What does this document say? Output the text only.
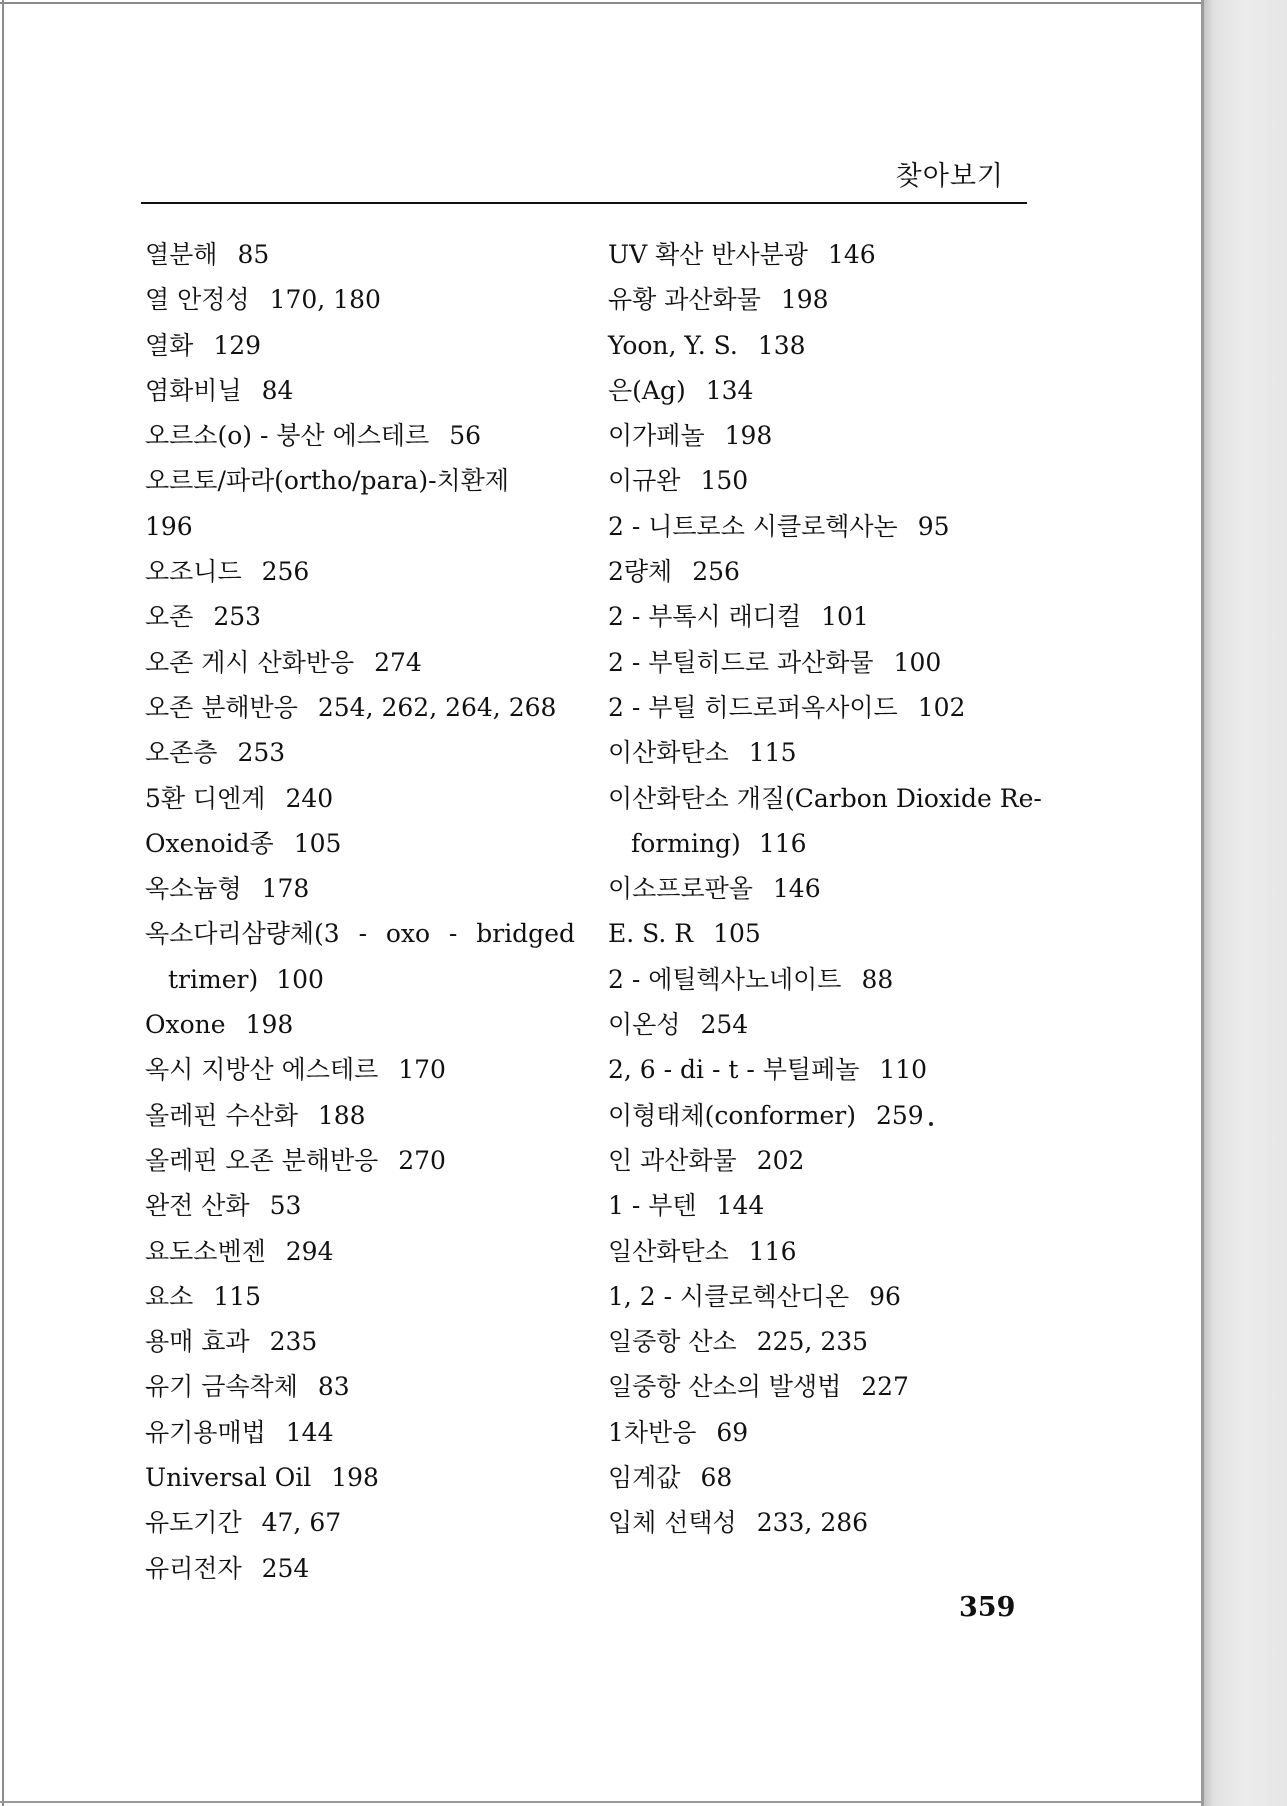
찾아보기
열분해 85
열 안정성 170, 180
열화 129
염화비닐 84
오르소(o) - 붕산 에스테르 56
오르토/파라(ortho/para)-치환제
196
오조니드 256
오존 253
오존 게시 산화반응 274
오존 분해반응 254, 262, 264, 268
오존층 253
5환 디엔계 240
Oxenoid종 105
옥소늄형 178
옥소다리삼량체(3 - oxo - bridged
trimer) 100
Oxone 198
옥시 지방산 에스테르 170
올레핀 수산화 188
올레핀 오존 분해반응 270
완전 산화 53
요도소벤젠 294
요소 115
용매 효과 235
유기 금속착체 83
유기용매법 144
Universal Oil 198
유도기간 47, 67
유리전자 254
UV 확산 반사분광 146
유황 과산화물 198
Yoon, Y. S. 138
은(Ag) 134
이가페놀 198
이규완 150
2 - 니트로소 시클로헥사논 95
2량체 256
2 - 부톡시 래디컬 101
2 - 부틸히드로 과산화물 100
2 - 부틸 히드로퍼옥사이드 102
이산화탄소 115
이산화탄소 개질(Carbon Dioxide Re-
forming) 116
이소프로판올 146
E. S. R 105
2 - 에틸헥사노네이트 88
이온성 254
2, 6 - di - t - 부틸페놀 110
이형태체(conformer) 259
인 과산화물 202
1 - 부텐 144
일산화탄소 116
1, 2 - 시클로헥산디온 96
일중항 산소 225, 235
일중항 산소의 발생법 227
1차반응 69
임계값 68
입체 선택성 233, 286
359
